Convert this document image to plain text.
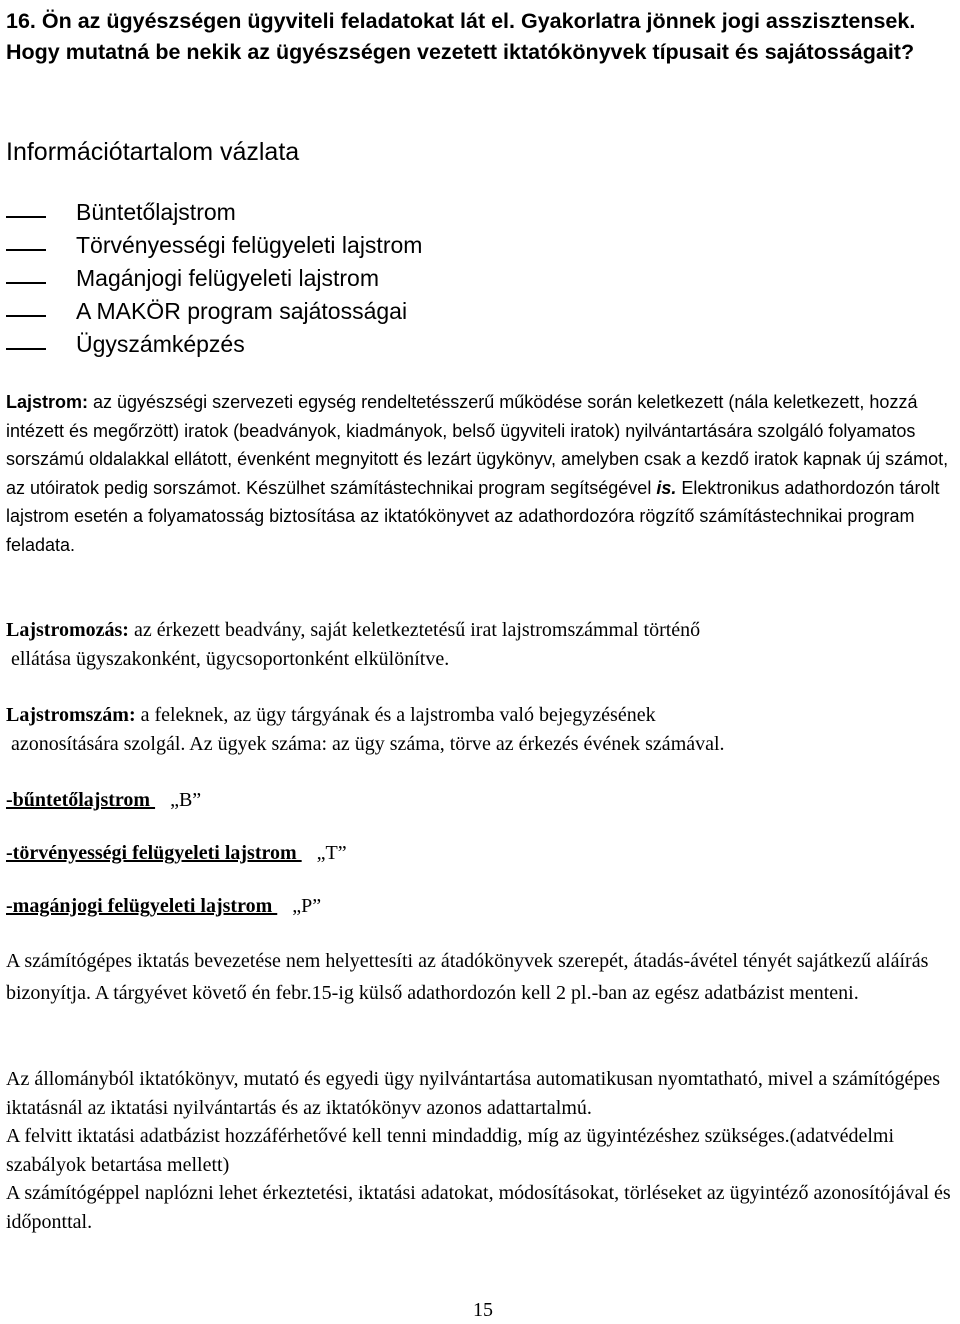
16. Ön az ügyészségen ügyviteli feladatokat lát el. Gyakorlatra jönnek jogi asszisztensek. Hogy mutatná be nekik az ügyészségen vezetett iktatókönyvek típusait és sajátosságait?

Információtartalom vázlata

Büntetőlajstrom
Törvényességi felügyeleti lajstrom
Magánjogi felügyeleti lajstrom
A MAKÖR program sajátosságai
Ügyszámképzés

Lajstrom: az ügyészségi szervezeti egység rendeltetésszerű működése során keletkezett (nála keletkezett, hozzá intézett és megőrzött) iratok (beadványok, kiadmányok, belső ügyviteli iratok) nyilvántartására szolgáló folyamatos sorszámú oldalakkal ellátott, évenként megnyitott és lezárt ügykönyv, amelyben csak a kezdő iratok kapnak új számot, az utóiratok pedig sorszámot. Készülhet számítástechnikai program segítségével is. Elektronikus adathordozón tárolt lajstrom esetén a folyamatosság biztosítása az iktatókönyvet az adathordozóra rögzítő számítástechnikai program feladata.

Lajstromozás: az érkezett beadvány, saját keletkeztetésű irat lajstromszámmal történő
ellátása ügyszakonként, ügycsoportonként elkülönítve.

Lajstromszám: a feleknek, az ügy tárgyának és a lajstromba való bejegyzésének
azonosítására szolgál. Az ügyek száma: az ügy száma, törve az érkezés évének számával.

-bűntetőlajstrom    „B”

-törvényességi felügyeleti lajstrom    „T”

-magánjogi felügyeleti lajstrom    „P”

A számítógépes iktatás bevezetése nem helyettesíti az átadókönyvek szerepét, átadás-ávétel tényét sajátkezű aláírás bizonyítja. A tárgyévet követő én febr.15-ig külső adathordozón kell 2 pl.-ban az egész adatbázist menteni.

Az állományból iktatókönyv, mutató és egyedi ügy nyilvántartása automatikusan nyomtatható, mivel a számítógépes iktatásnál az iktatási nyilvántartás és az iktatókönyv azonos adattartalmú.
A felvitt iktatási adatbázist hozzáférhetővé kell tenni mindaddig, míg az ügyintézéshez szükséges.(adatvédelmi szabályok betartása mellett)
A számítógéppel naplózni lehet érkeztetési, iktatási adatokat, módosításokat, törléseket az ügyintéző azonosítójával és időponttal.

15
